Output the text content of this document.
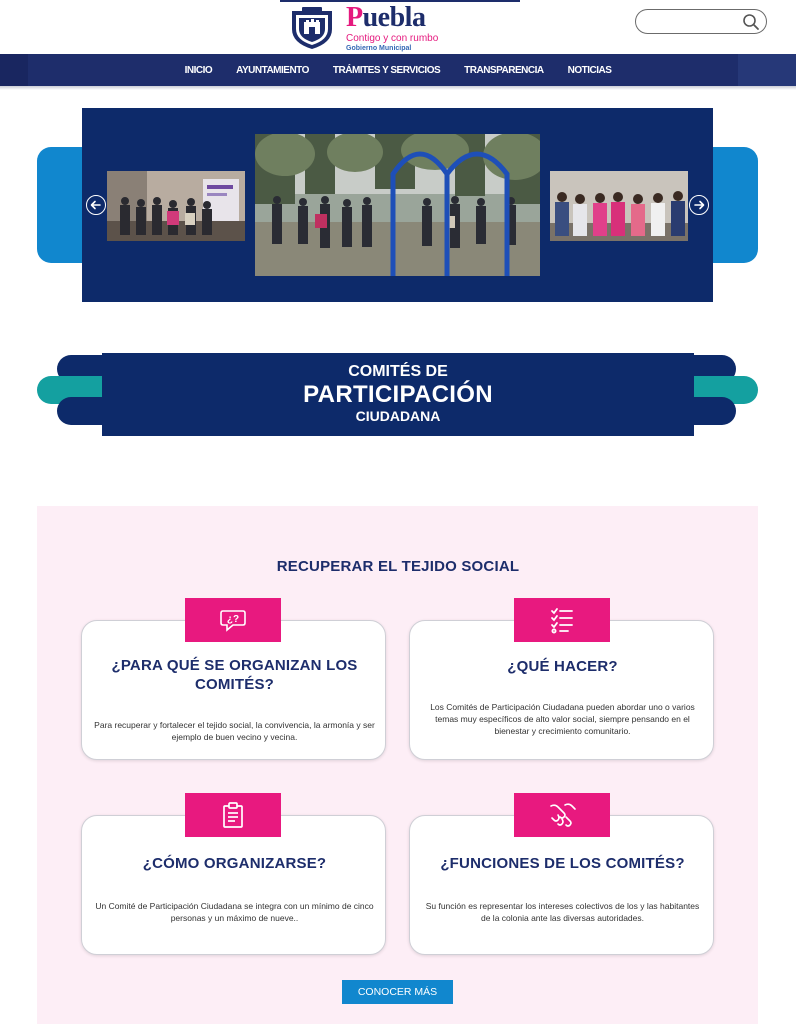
Puebla
Contigo y con rumbo
Gobierno Municipal
INICIO AYUNTAMIENTO TRÁMITES Y SERVICIOS TRANSPARENCIA NOTICIAS
COMITÉS DE
PARTICIPACIÓN
CIUDADANA
RECUPERAR EL TEJIDO SOCIAL
¿PARA QUÉ SE ORGANIZAN LOS COMITÉS?
Para recuperar y fortalecer el tejido social, la convivencia, la armonía y ser ejemplo de buen vecino y vecina.
¿?
¿QUÉ HACER?
Los Comités de Participación Ciudadana pueden abordar uno o varios temas muy específicos de alto valor social, siempre pensando en el bienestar y crecimiento comunitario.
¿CÓMO ORGANIZARSE?
Un Comité de Participación Ciudadana se integra con un mínimo de cinco personas y un máximo de nueve..
¿FUNCIONES DE LOS COMITÉS?
Su función es representar los intereses colectivos de los y las habitantes de la colonia ante las diversas autoridades.
CONOCER MÁS
